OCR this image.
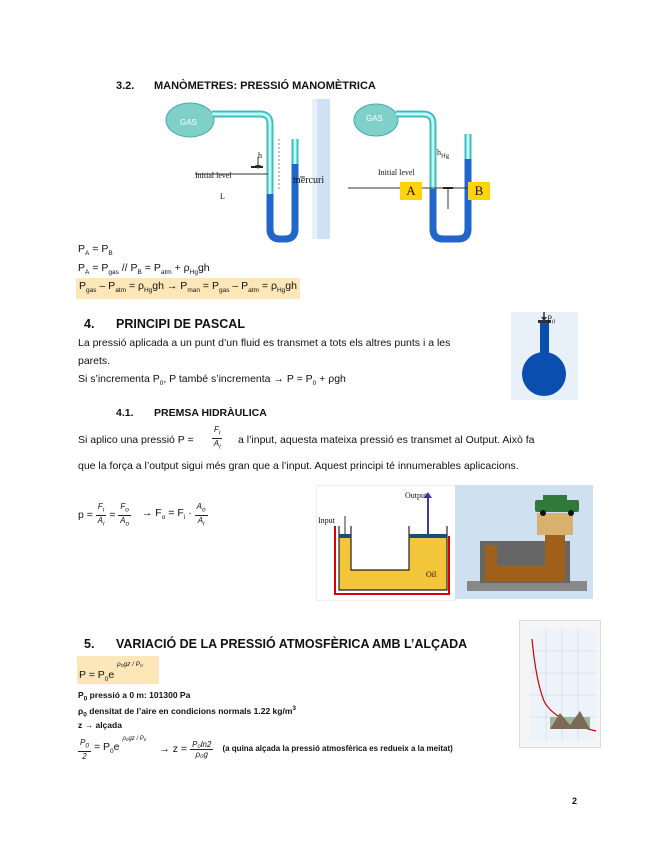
3.2. MANÒMETRES: PRESSIÓ MANOMÈTRICA
GAS
Initial level	mercuri
h
L
GAS
Initial level
$h_{Hg}$
A	B
$P_A = P_B$
$P_A = P_{gas} // P_B = P_{atm} + \rho_{Hg}gh$
$P_{gas} - P_{atm} = \rho_{Hg}gh \to P_{man} = P_{gas} - P_{atm} = \rho_{Hg}gh$
4. PRINCIPI DE PASCAL
La pressió aplicada a un punt d’un fluid es transmet a tots els altres punts i a les
parets.
Si s’incrementa $P_0$, P també s’incrementa → $P = P_0 + \rho gh$
$P_0$
4.1. PREMSA HIDRÀULICA
Si aplico una pressió $P = \frac{F_i}{A_i}$ a l’input, aquesta mateixa pressió es transmet al Output. Això fa
que la força a l’output sigui més gran que a l’input. Aquest principi té innumerables aplicacions.
$p = \frac{F_i}{A_i} = \frac{F_o}{A_o} \to F_o = F_i \cdot \frac{A_o}{A_i}$	Input
Output
Oil
5. VARIACIÓ DE LA PRESSIÓ ATMOSFÈRICA AMB L’ALÇADA
$P = P_0e$
ρ₀gz / P₀
$P_0$ pressió a 0 m: 101300 Pa
$\rho_0$ densitat de l’aire en condicions normals 1.22 $kg/m^3$
z → alçada
$\frac{P_0}{2} = P_0e$
ρ₀gz / P₀
→ $z = \frac{\text{P₀ln2}}{\text{ρ₀g}} (a$ quina alçada la pressió atmosfèrica es redueix a la meitat)
2
